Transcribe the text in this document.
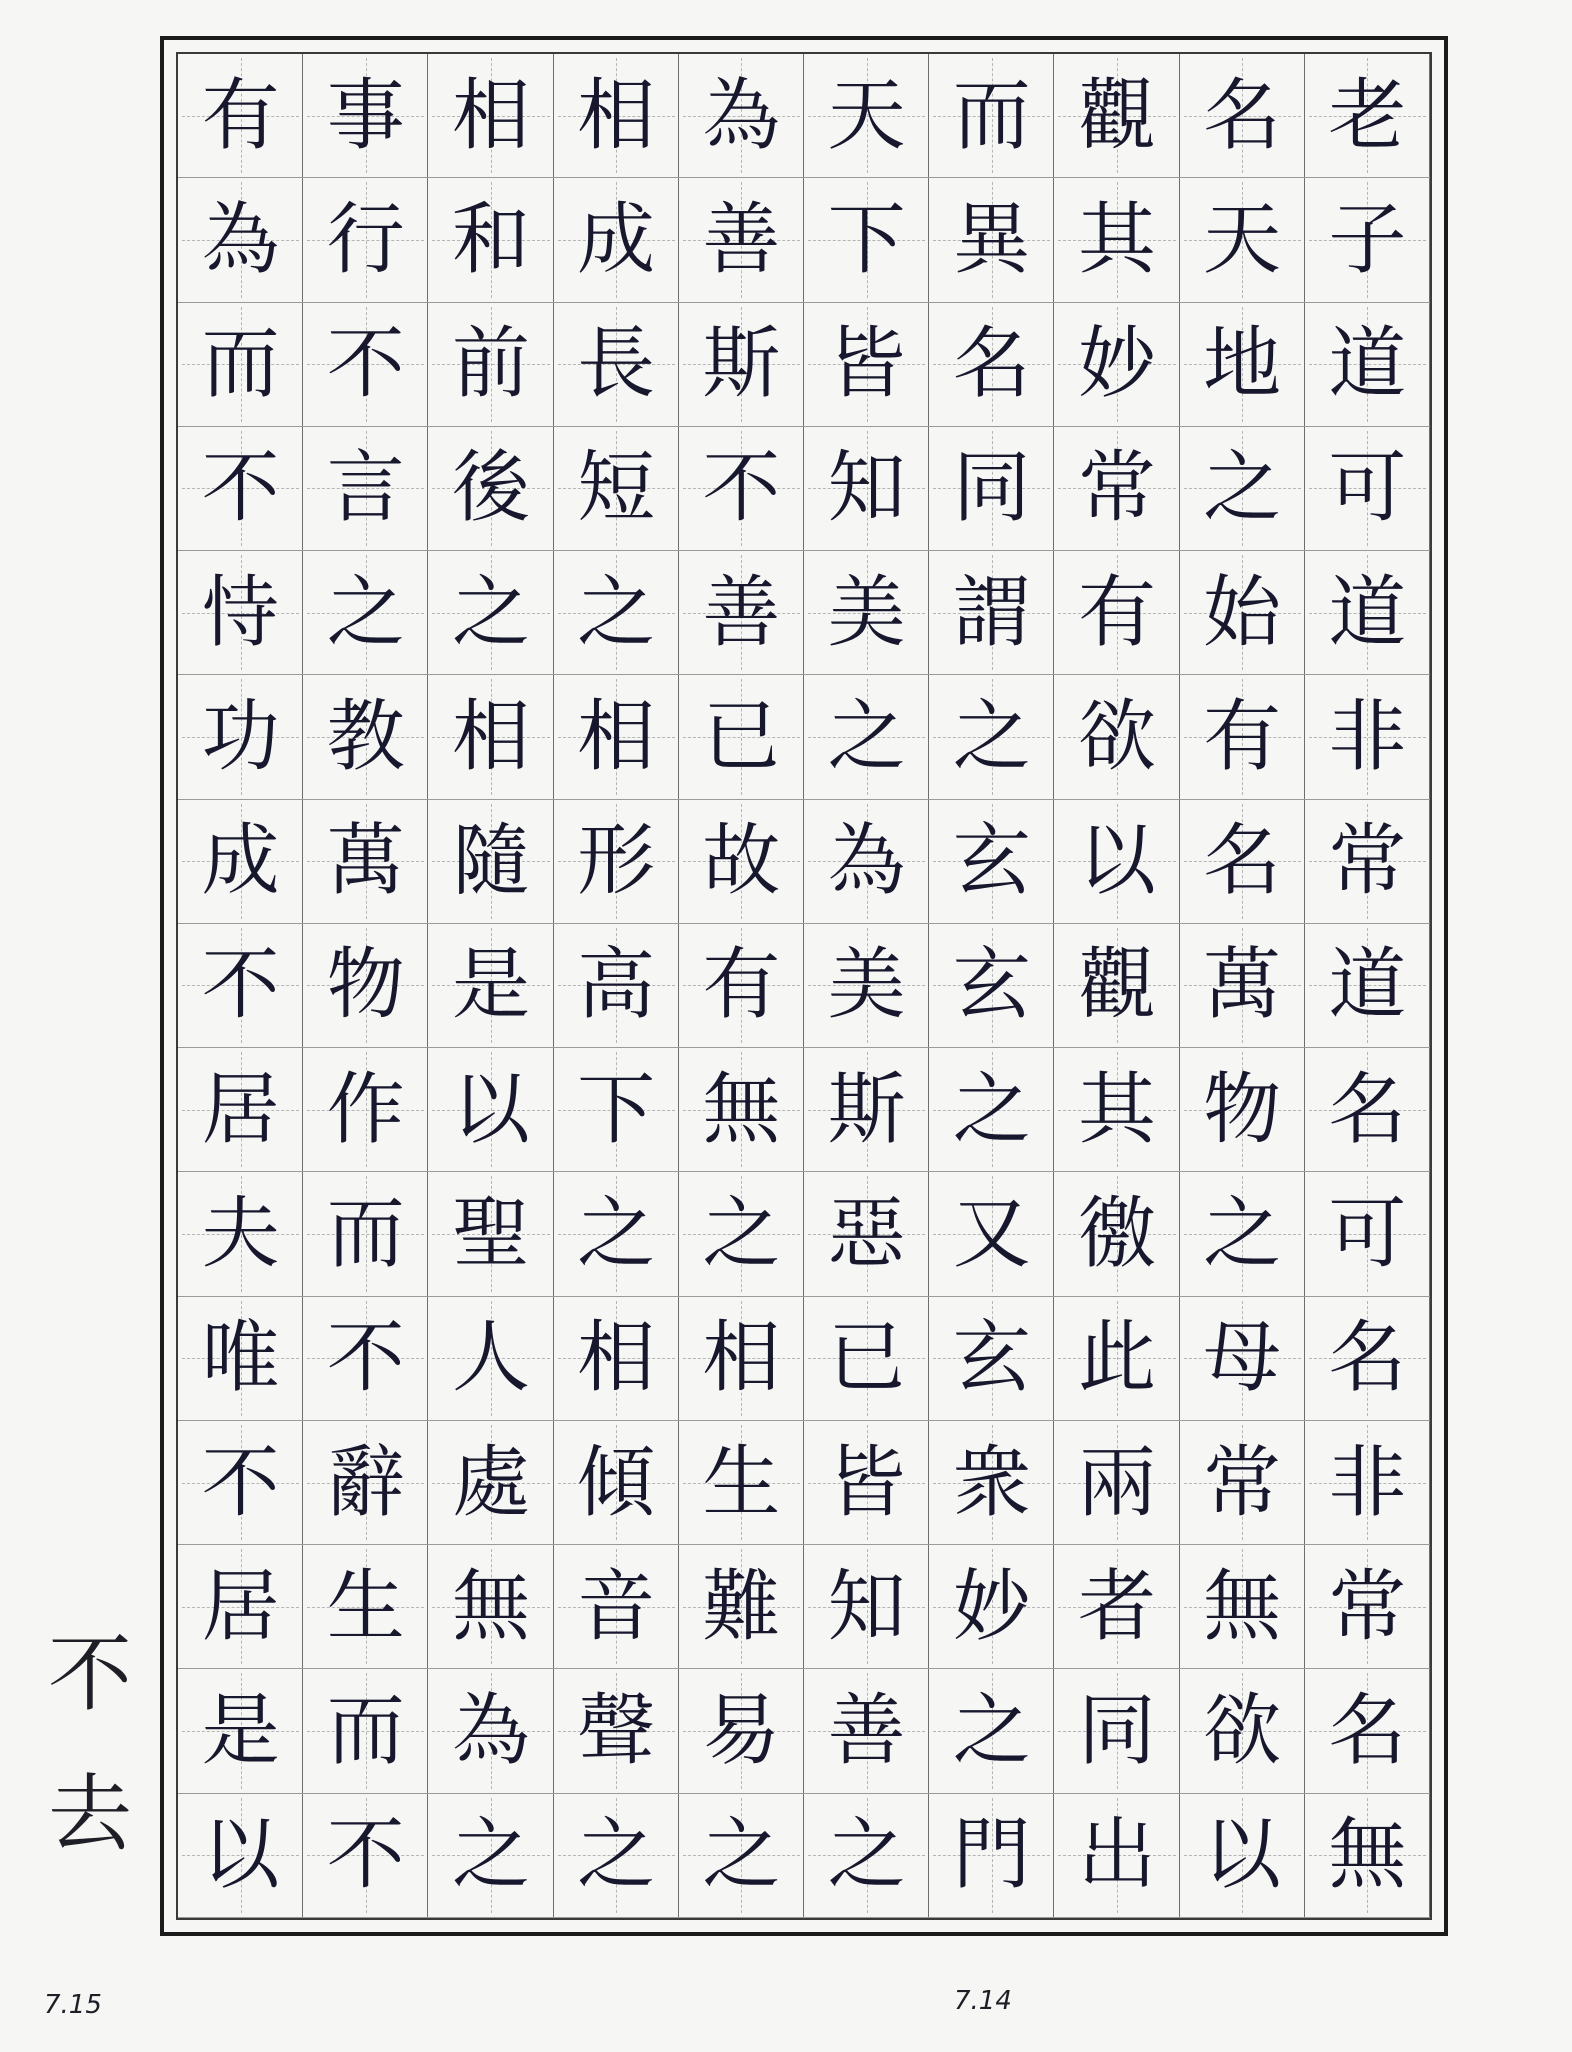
老
子
道
可
道
非
常
道
名
可
名
非
常
名
無
名
天
地
之
始
有
名
萬
物
之
母
常
無
欲
以
觀
其
妙
常
有
欲
以
觀
其
徼
此
兩
者
同
出
而
異
名
同
謂
之
玄
玄
之
又
玄
衆
妙
之
門
天
下
皆
知
美
之
為
美
斯
惡
已
皆
知
善
之
為
善
斯
不
善
已
故
有
無
之
相
生
難
易
之
相
成
長
短
之
相
形
高
下
之
相
傾
音
聲
之
相
和
前
後
之
相
隨
是
以
聖
人
處
無
為
之
事
行
不
言
之
教
萬
物
作
而
不
辭
生
而
不
有
為
而
不
恃
功
成
不
居
夫
唯
不
居
是
以
不
去
7.15	7.14
